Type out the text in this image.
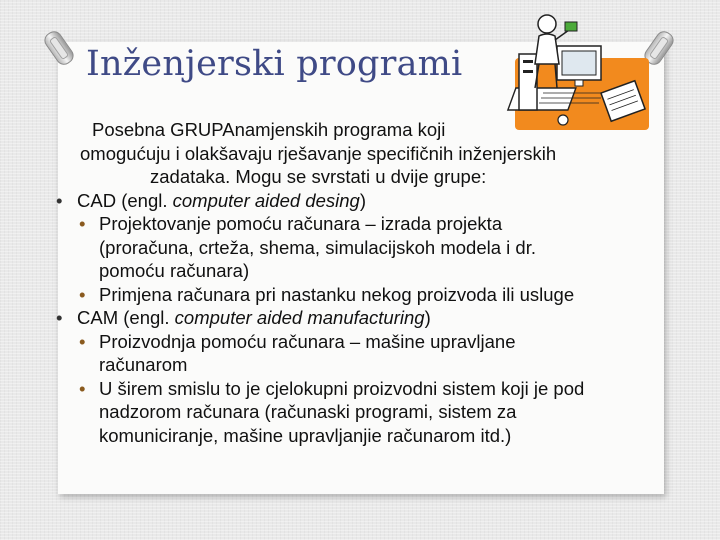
Inženjerski programi
Posebna GRUPAnamjenskih programa koji
omogućuju i olakšavaju rješavanje specifičnih inženjerskih
zadataka. Mogu se svrstati u dvije grupe:
• CAD (engl. computer aided desing)
• Projektovanje pomoću računara – izrada projekta
(proračuna, crteža, shema, simulacijskoh modela i dr.
pomoću računara)
• Primjena računara pri nastanku nekog proizvoda ili usluge
• CAM (engl. computer aided manufacturing)
• Proizvodnja pomoću računara – mašine upravljane
računarom
• U širem smislu to je cjelokupni proizvodni sistem koji je pod
nadzorom računara (računaski programi, sistem za
komuniciranje, mašine upravljanjie računarom itd.)
